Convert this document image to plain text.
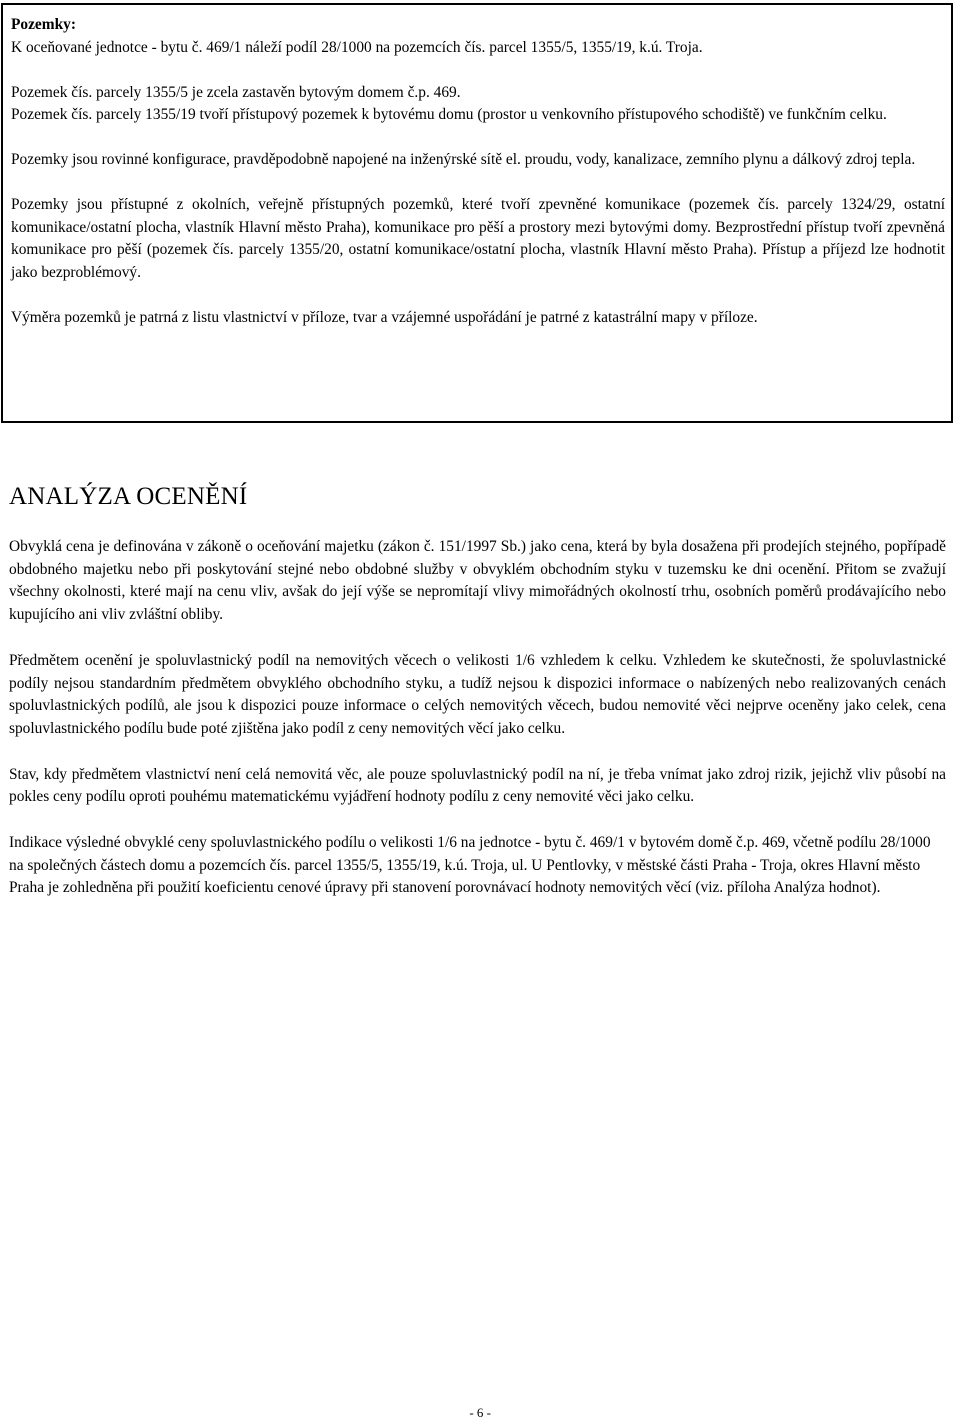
Pozemky:

K oceňované jednotce - bytu č. 469/1 náleží podíl 28/1000 na pozemcích čís. parcel 1355/5, 1355/19, k.ú. Troja.

Pozemek čís. parcely 1355/5 je zcela zastavěn bytovým domem č.p. 469.

Pozemek čís. parcely 1355/19 tvoří přístupový pozemek k bytovému domu (prostor u venkovního přístupového schodiště) ve funkčním celku.

Pozemky jsou rovinné konfigurace, pravděpodobně napojené na inženýrské sítě el. proudu, vody, kanalizace, zemního plynu a dálkový zdroj tepla.

Pozemky jsou přístupné z okolních, veřejně přístupných pozemků, které tvoří zpevněné komunikace (pozemek čís. parcely 1324/29, ostatní komunikace/ostatní plocha, vlastník Hlavní město Praha), komunikace pro pěší a prostory mezi bytovými domy. Bezprostřední přístup tvoří zpevněná komunikace pro pěší (pozemek čís. parcely 1355/20, ostatní komunikace/ostatní plocha, vlastník Hlavní město Praha). Přístup a příjezd lze hodnotit jako bezproblémový.

Výměra pozemků je patrná z listu vlastnictví v příloze, tvar a vzájemné uspořádání je patrné z katastrální mapy v příloze.

ANALÝZA OCENĚNÍ

Obvyklá cena je definována v zákoně o oceňování majetku (zákon č. 151/1997 Sb.) jako cena, která by byla dosažena při prodejích stejného, popřípadě obdobného majetku nebo při poskytování stejné nebo obdobné služby v obvyklém obchodním styku v tuzemsku ke dni ocenění. Přitom se zvažují všechny okolnosti, které mají na cenu vliv, avšak do její výše se nepromítají vlivy mimořádných okolností trhu, osobních poměrů prodávajícího nebo kupujícího ani vliv zvláštní obliby.

Předmětem ocenění je spoluvlastnický podíl na nemovitých věcech o velikosti 1/6 vzhledem k celku. Vzhledem ke skutečnosti, že spoluvlastnické podíly nejsou standardním předmětem obvyklého obchodního styku, a tudíž nejsou k dispozici informace o nabízených nebo realizovaných cenách spoluvlastnických podílů, ale jsou k dispozici pouze informace o celých nemovitých věcech, budou nemovité věci nejprve oceněny jako celek, cena spoluvlastnického podílu bude poté zjištěna jako podíl z ceny nemovitých věcí jako celku.

Stav, kdy předmětem vlastnictví není celá nemovitá věc, ale pouze spoluvlastnický podíl na ní, je třeba vnímat jako zdroj rizik, jejichž vliv působí na pokles ceny podílu oproti pouhému matematickému vyjádření hodnoty podílu z ceny nemovité věci jako celku.

Indikace výsledné obvyklé ceny spoluvlastnického podílu o velikosti 1/6 na jednotce - bytu č. 469/1 v bytovém domě č.p. 469, včetně podílu 28/1000 na společných částech domu a pozemcích čís. parcel 1355/5, 1355/19, k.ú. Troja, ul. U Pentlovky, v městské části Praha - Troja, okres Hlavní město Praha je zohledněna při použití koeficientu cenové úpravy při stanovení porovnávací hodnoty nemovitých věcí (viz. příloha Analýza hodnot).

- 6 -
